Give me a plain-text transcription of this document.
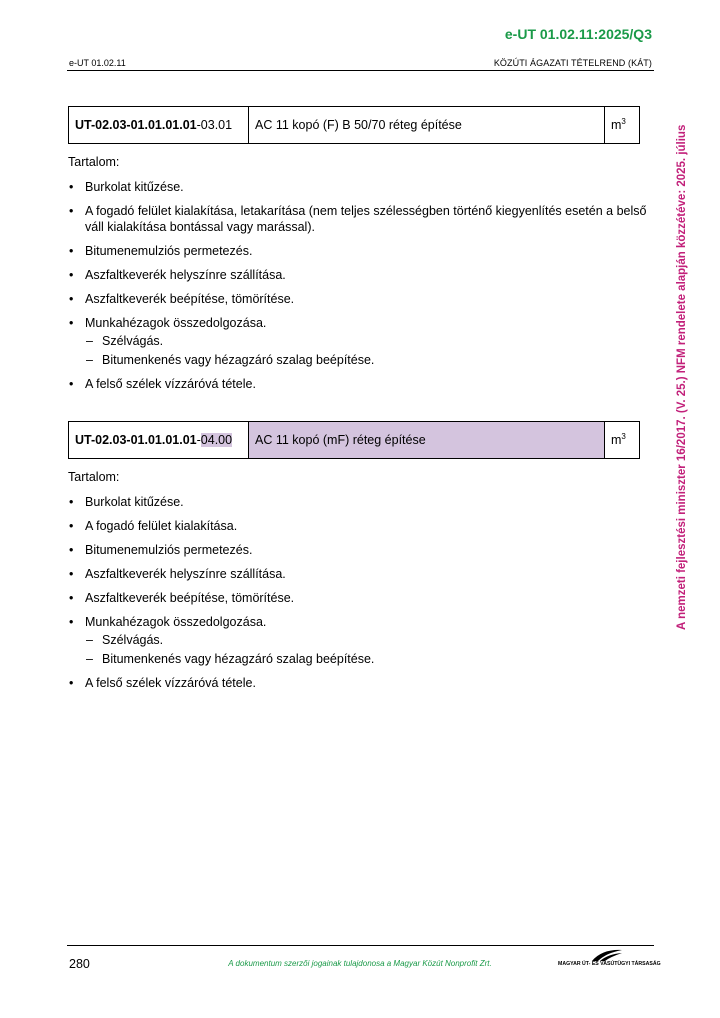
e-UT 01.02.11:2025/Q3
e-UT 01.02.11	KÖZÚTI ÁGAZATI TÉTELREND (KÁT)
A nemzeti fejlesztési miniszter 16/2017. (V. 25.) NFM rendelete alapján közzétéve: 2025. július
UT-02.03-01.01.01.01-03.01	AC 11 kopó (F) B 50/70 réteg építése	$m^3$

Tartalom:

• Burkolat kitűzése.
• A fogadó felület kialakítása, letakarítása (nem teljes szélességben történő kiegyenlítés esetén a belső váll kialakítása bontással vagy marással).
• Bitumenemulziós permetezés.
• Aszfaltkeverék helyszínre szállítása.
• Aszfaltkeverék beépítése, tömörítése.
• Munkahézagok összedolgozása.
– Szélvágás.
– Bitumenkenés vagy hézagzáró szalag beépítése.
• A felső szélek vízzáróvá tétele.
UT-02.03-01.01.01.01-04.00	AC 11 kopó (mF) réteg építése	$m^3$

Tartalom:

• Burkolat kitűzése.
• A fogadó felület kialakítása.
• Bitumenemulziós permetezés.
• Aszfaltkeverék helyszínre szállítása.
• Aszfaltkeverék beépítése, tömörítése.
• Munkahézagok összedolgozása.
– Szélvágás.
– Bitumenkenés vagy hézagzáró szalag beépítése.
• A felső szélek vízzáróvá tétele.
280	A dokumentum szerzői jogainak tulajdonosa a Magyar Közút Nonprofit Zrt.	MAGYAR ÚT- ÉS VASÚTÜGYI TÁRSASÁG
